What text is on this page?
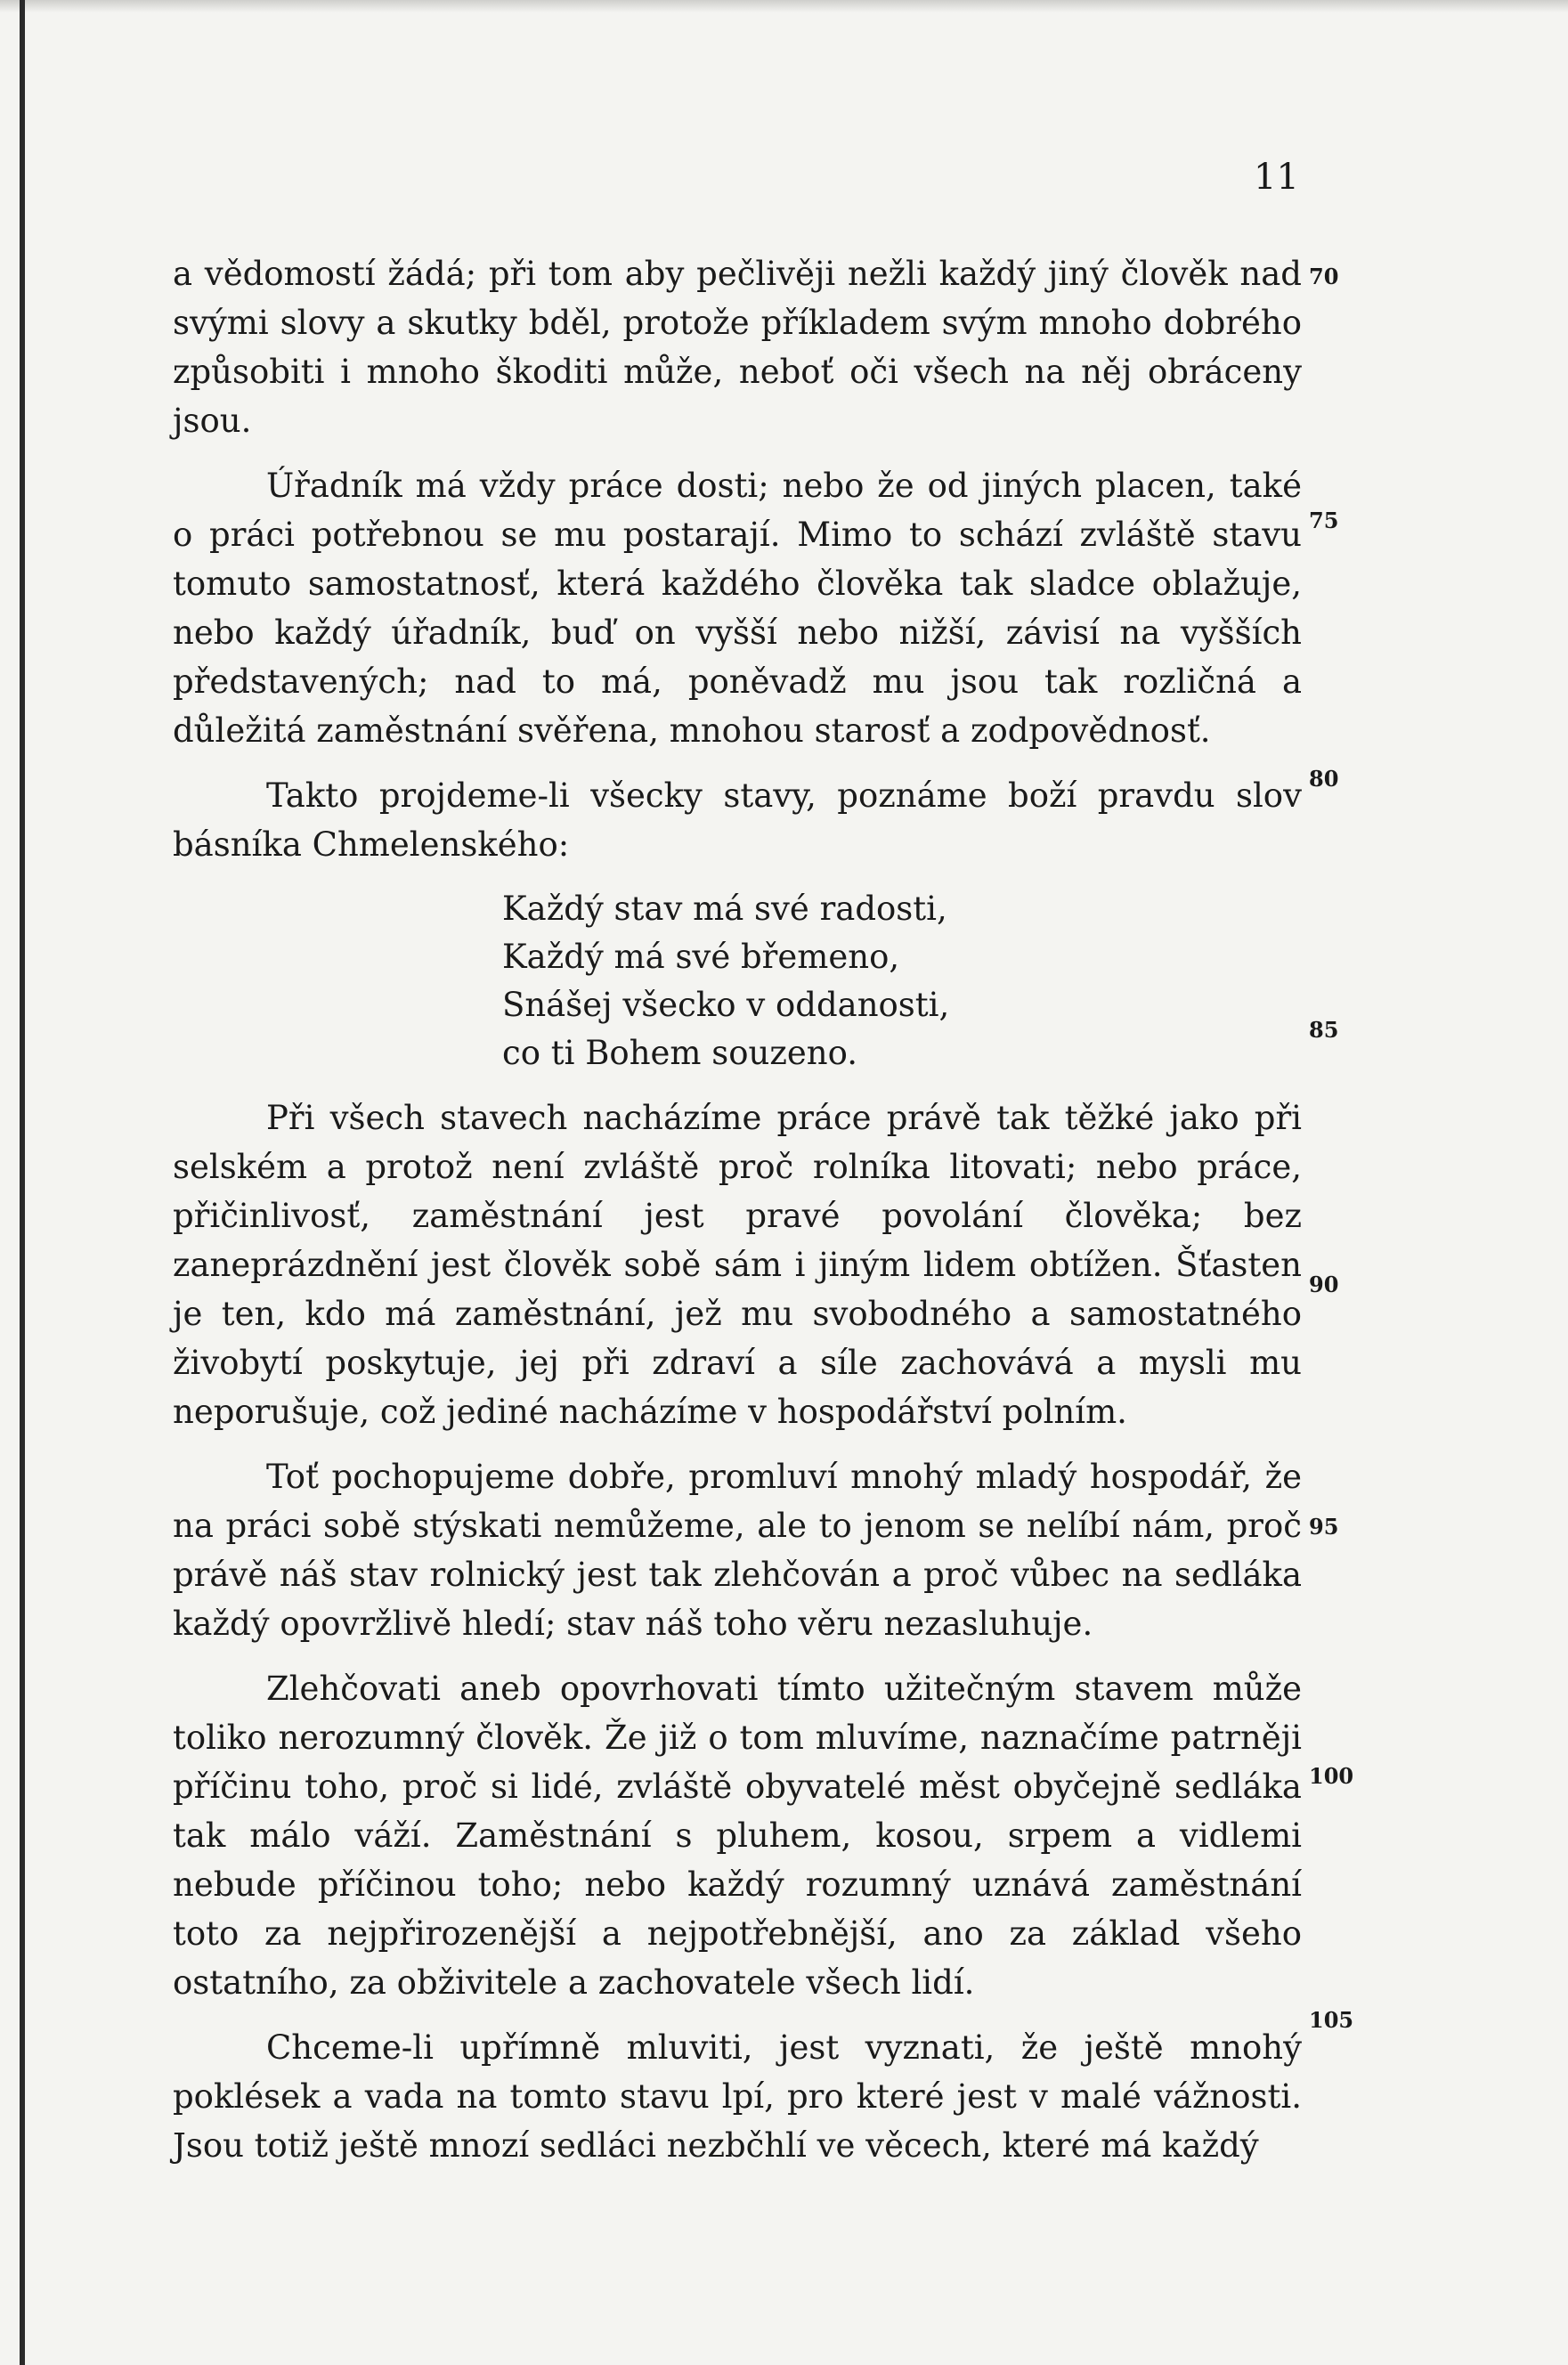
11

a vědomostí žádá; při tom aby pečlivěji nežli každý jiný člověk nad svými slovy a skutky bděl, protože příkladem svým mnoho dobrého způsobiti i mnoho škoditi může, neboť oči všech na něj obráceny jsou.

Úřadník má vždy práce dosti; nebo že od jiných placen, také o práci potřebnou se mu postarají. Mimo to schází zvláště stavu tomuto samostatnosť, která každého člověka tak sladce oblažuje, nebo každý úřadník, buď on vyšší nebo nižší, závisí na vyšších představených; nad to má, poněvadž mu jsou tak rozličná a důležitá zaměstnání svěřena, mnohou starosť a zodpovědnosť.

Takto projdeme-li všecky stavy, poznáme boží pravdu slov básníka Chmelenského:

Každý stav má své radosti,
Každý má své břemeno,
Snášej všecko v oddanosti,
co ti Bohem souzeno.

Při všech stavech nacházíme práce právě tak těžké jako při selském a protož není zvláště proč rolníka litovati; nebo práce, přičinlivosť, zaměstnání jest pravé povolání člověka; bez zaneprázdnění jest člověk sobě sám i jiným lidem obtížen. Šťasten je ten, kdo má zaměstnání, jež mu svobodného a samostatného živobytí poskytuje, jej při zdraví a síle zachovává a mysli mu neporušuje, což jediné nacházíme v hospodářství polním.

Toť pochopujeme dobře, promluví mnohý mladý hospodář, že na práci sobě stýskati nemůžeme, ale to jenom se nelíbí nám, proč právě náš stav rolnický jest tak zlehčován a proč vůbec na sedláka každý opovržlivě hledí; stav náš toho věru nezasluhuje.

Zlehčovati aneb opovrhovati tímto užitečným stavem může toliko nerozumný člověk. Že již o tom mluvíme, naznačíme patrněji příčinu toho, proč si lidé, zvláště obyvatelé měst obyčejně sedláka tak málo váží. Zaměstnání s pluhem, kosou, srpem a vidlemi nebude příčinou toho; nebo každý rozumný uznává zaměstnání toto za nejpřirozenější a nejpotřebnější, ano za základ všeho ostatního, za obživitele a zachovatele všech lidí.

Chceme-li upřímně mluviti, jest vyznati, že ještě mnohý poklések a vada na tomto stavu lpí, pro které jest v malé vážnosti. Jsou totiž ještě mnozí sedláci nezbčhlí ve věcech, které má každý

70
75
80
85
90
95
100
105
